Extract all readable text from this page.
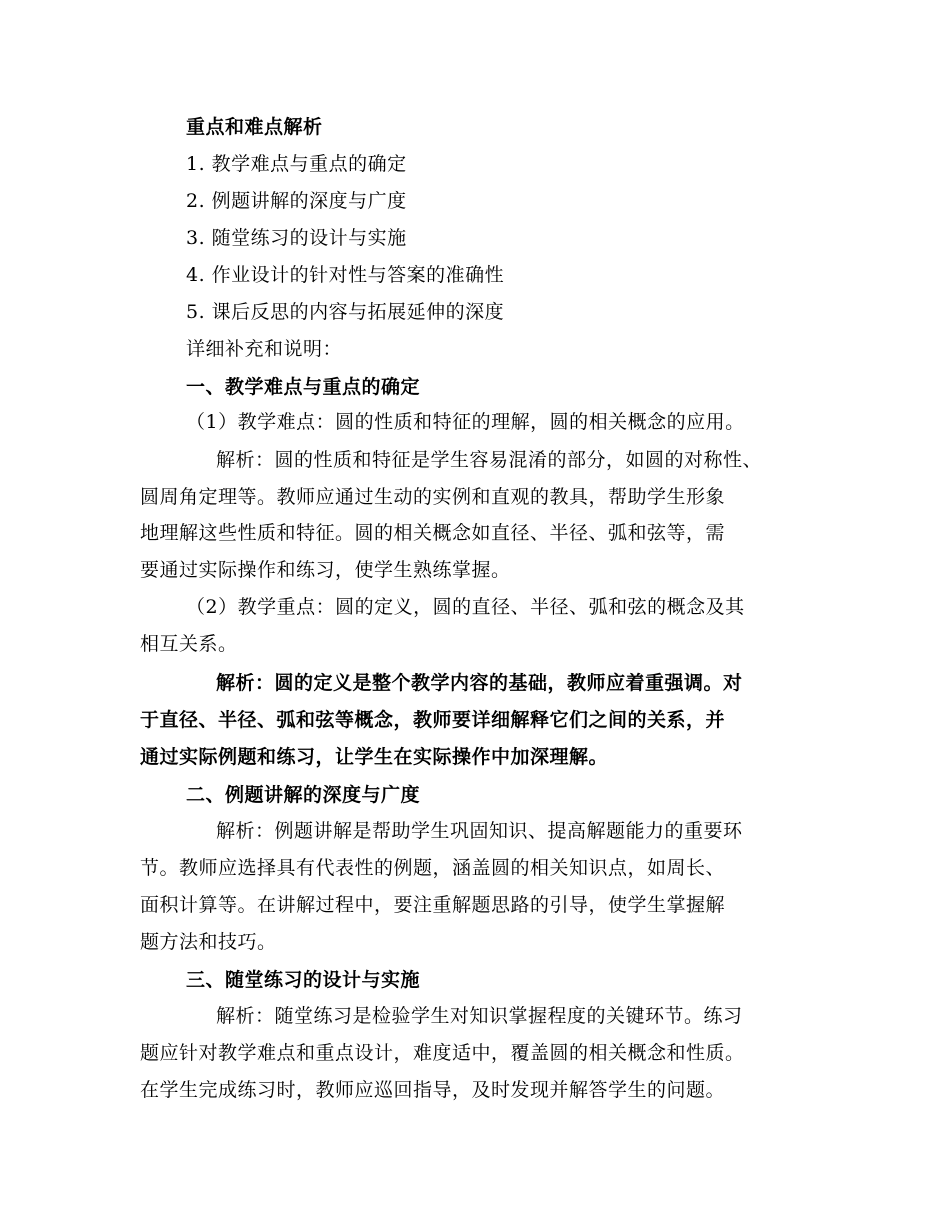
重点和难点解析
1. 教学难点与重点的确定
2. 例题讲解的深度与广度
3. 随堂练习的设计与实施
4. 作业设计的针对性与答案的准确性
5. 课后反思的内容与拓展延伸的深度
详细补充和说明：
一、教学难点与重点的确定
（1）教学难点：圆的性质和特征的理解，圆的相关概念的应用。
解析：圆的性质和特征是学生容易混淆的部分，如圆的对称性、
圆周角定理等。教师应通过生动的实例和直观的教具，帮助学生形象
地理解这些性质和特征。圆的相关概念如直径、半径、弧和弦等，需
要通过实际操作和练习，使学生熟练掌握。
（2）教学重点：圆的定义，圆的直径、半径、弧和弦的概念及其
相互关系。
解析：圆的定义是整个教学内容的基础，教师应着重强调。对
于直径、半径、弧和弦等概念，教师要详细解释它们之间的关系，并
通过实际例题和练习，让学生在实际操作中加深理解。
二、例题讲解的深度与广度
解析：例题讲解是帮助学生巩固知识、提高解题能力的重要环
节。教师应选择具有代表性的例题，涵盖圆的相关知识点，如周长、
面积计算等。在讲解过程中，要注重解题思路的引导，使学生掌握解
题方法和技巧。
三、随堂练习的设计与实施
解析：随堂练习是检验学生对知识掌握程度的关键环节。练习
题应针对教学难点和重点设计，难度适中，覆盖圆的相关概念和性质。
在学生完成练习时，教师应巡回指导，及时发现并解答学生的问题。
